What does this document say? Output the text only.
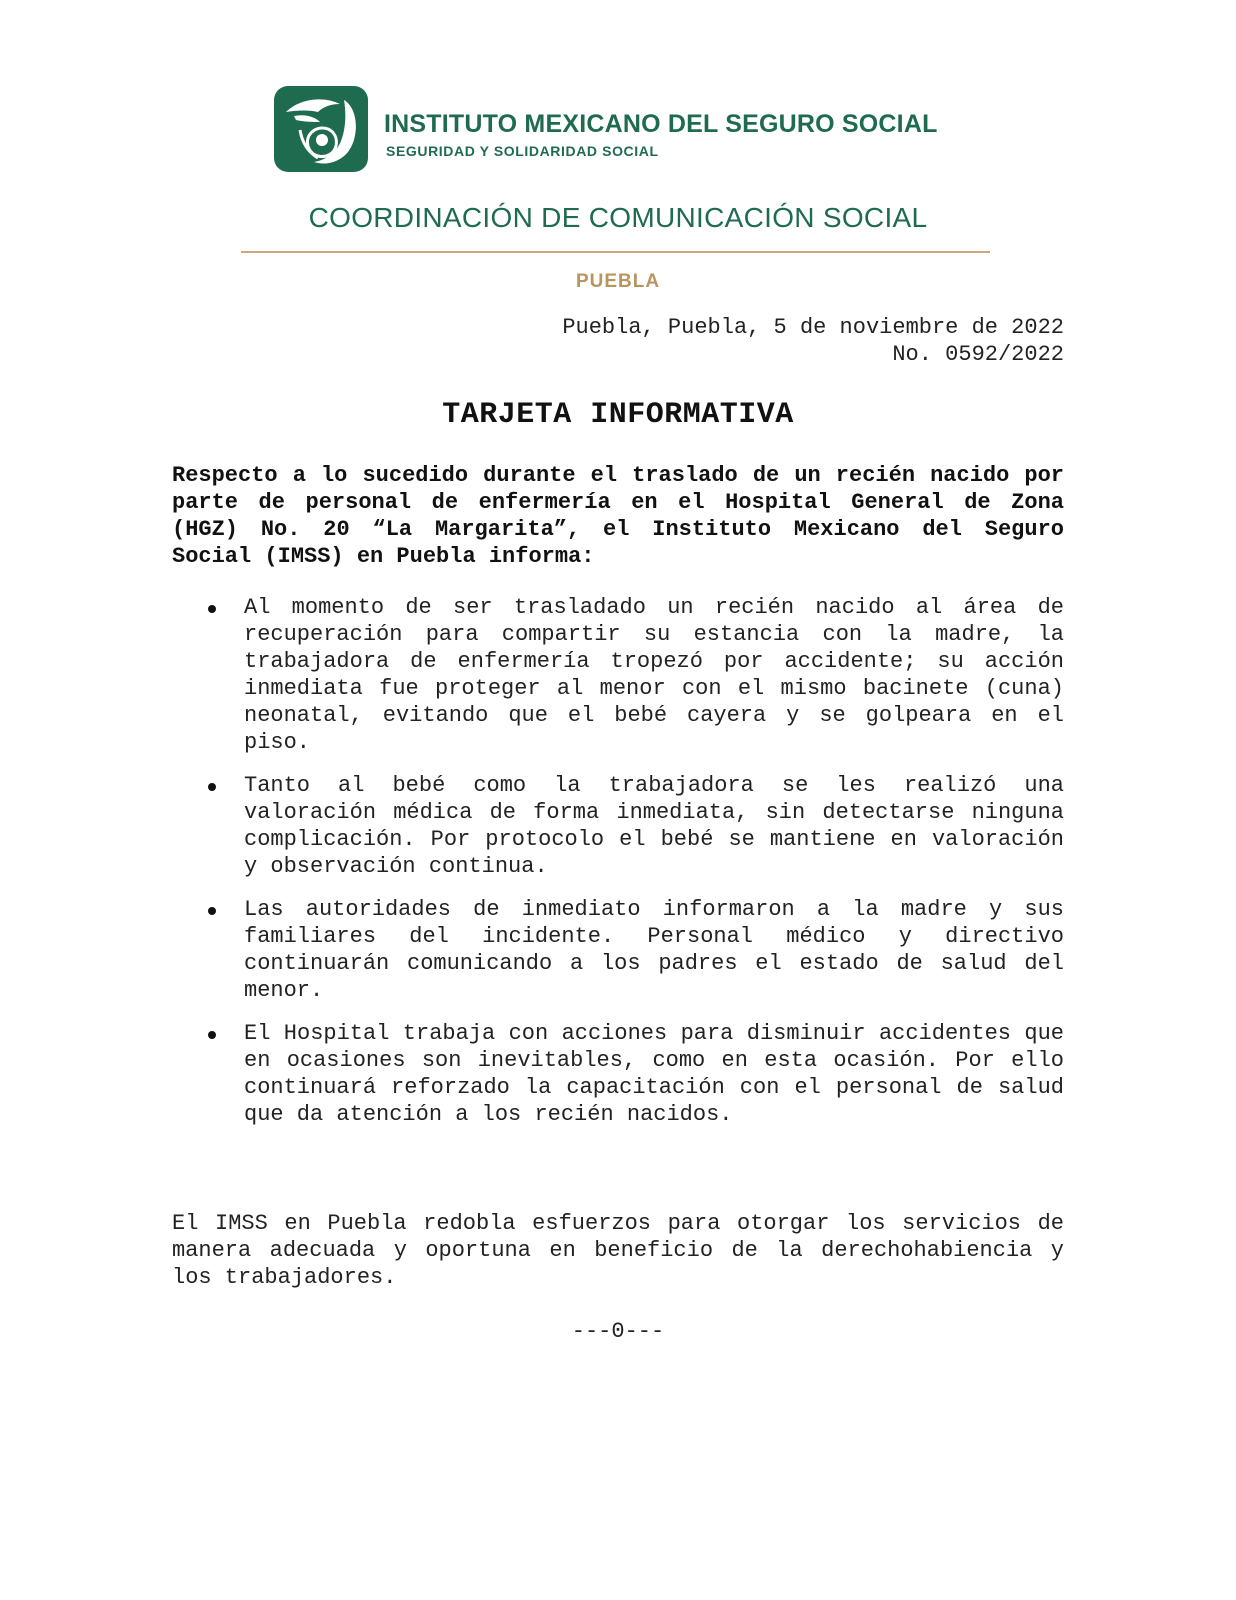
INSTITUTO MEXICANO DEL SEGURO SOCIAL
SEGURIDAD Y SOLIDARIDAD SOCIAL
COORDINACIÓN DE COMUNICACIÓN SOCIAL
PUEBLA
Puebla, Puebla, 5 de noviembre de 2022
No. 0592/2022
TARJETA INFORMATIVA
Respecto a lo sucedido durante el traslado de un recién nacido por parte de personal de enfermería en el Hospital General de Zona (HGZ) No. 20 “La Margarita”, el Instituto Mexicano del Seguro Social (IMSS) en Puebla informa:
Al momento de ser trasladado un recién nacido al área de recuperación para compartir su estancia con la madre, la trabajadora de enfermería tropezó por accidente; su acción inmediata fue proteger al menor con el mismo bacinete (cuna) neonatal, evitando que el bebé cayera y se golpeara en el piso.
Tanto al bebé como la trabajadora se les realizó una valoración médica de forma inmediata, sin detectarse ninguna complicación. Por protocolo el bebé se mantiene en valoración y observación continua.
Las autoridades de inmediato informaron a la madre y sus familiares del incidente. Personal médico y directivo continuarán comunicando a los padres el estado de salud del menor.
El Hospital trabaja con acciones para disminuir accidentes que en ocasiones son inevitables, como en esta ocasión. Por ello continuará reforzado la capacitación con el personal de salud que da atención a los recién nacidos.
El IMSS en Puebla redobla esfuerzos para otorgar los servicios de manera adecuada y oportuna en beneficio de la derechohabiencia y los trabajadores.
---0---
